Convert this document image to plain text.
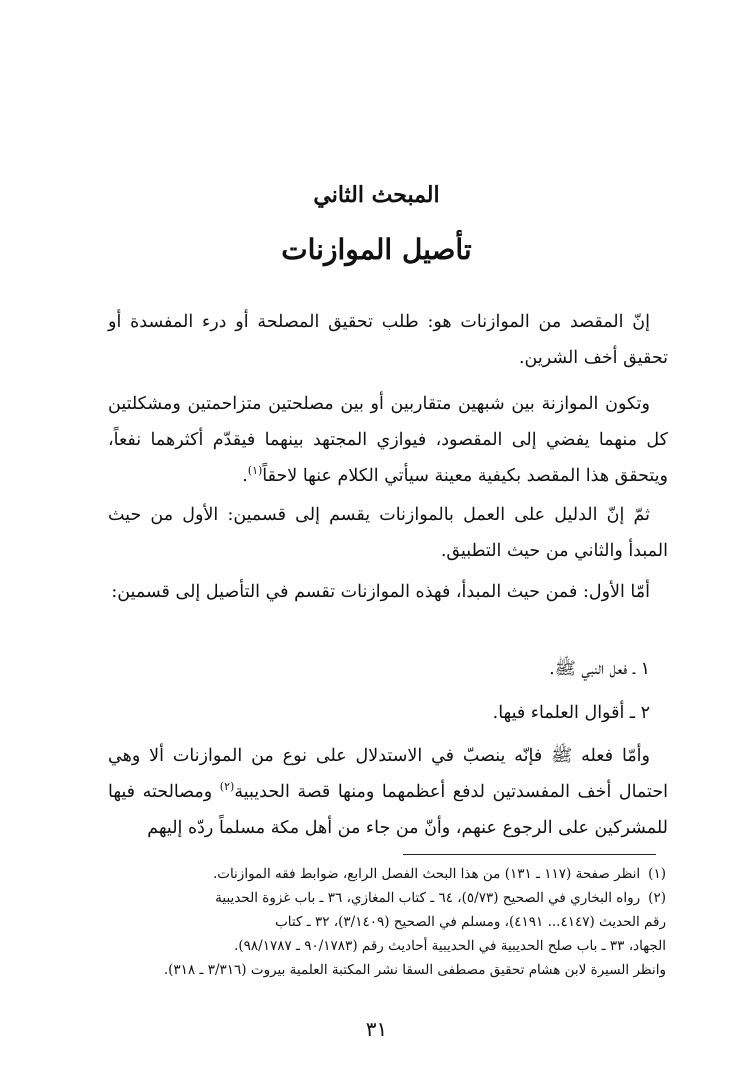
المبحث الثاني
تأصيل الموازنات

إنّ المقصد من الموازنات هو: طلب تحقيق المصلحة أو درء المفسدة أو تحقيق أخف الشرين.

وتكون الموازنة بين شبهين متقاربين أو بين مصلحتين متزاحمتين ومشكلتين كل منهما يفضي إلى المقصود، فيوازي المجتهد بينهما فيقدّم أكثرهما نفعاً، ويتحقق هذا المقصد بكيفية معينة سيأتي الكلام عنها لاحقاً$^{(١)}$.

ثمّ إنّ الدليل على العمل بالموازنات يقسم إلى قسمين: الأول من حيث المبدأ والثاني من حيث التطبيق.

أمّا الأول: فمن حيث المبدأ، فهذه الموازنات تقسم في التأصيل إلى قسمين:

١ ـ فعل النبي ﷺ.

٢ ـ أقوال العلماء فيها.

وأمّا فعله ﷺ فإنّه ينصبّ في الاستدلال على نوع من الموازنات ألا وهي احتمال أخف المفسدتين لدفع أعظمهما ومنها قصة الحديبية$^{(٢)}$ ومصالحته فيها للمشركين على الرجوع عنهم، وأنّ من جاء من أهل مكة مسلماً ردّه إليهم

(١)انظر صفحة (١١٧ ـ ١٣١) من هذا البحث الفصل الرابع، ضوابط فقه الموازنات.

(٢)رواه البخاري في الصحيح (٥/٧٣)، ٦٤ ـ كتاب المغازي، ٣٦ ـ باب غزوة الحديبية

رقم الحديث (٤١٤٧... ٤١٩١)، ومسلم في الصحيح (٣/١٤٠٩)، ٣٢ ـ كتاب

الجهاد، ٣٣ ـ باب صلح الحديبية في الحديبية أحاديث رقم (٩٠/١٧٨٣ ـ ٩٨/١٧٨٧).

وانظر السيرة لابن هشام تحقيق مصطفى السقا نشر المكتبة العلمية بيروت (٣/٣١٦ ـ ٣١٨).

٣١
